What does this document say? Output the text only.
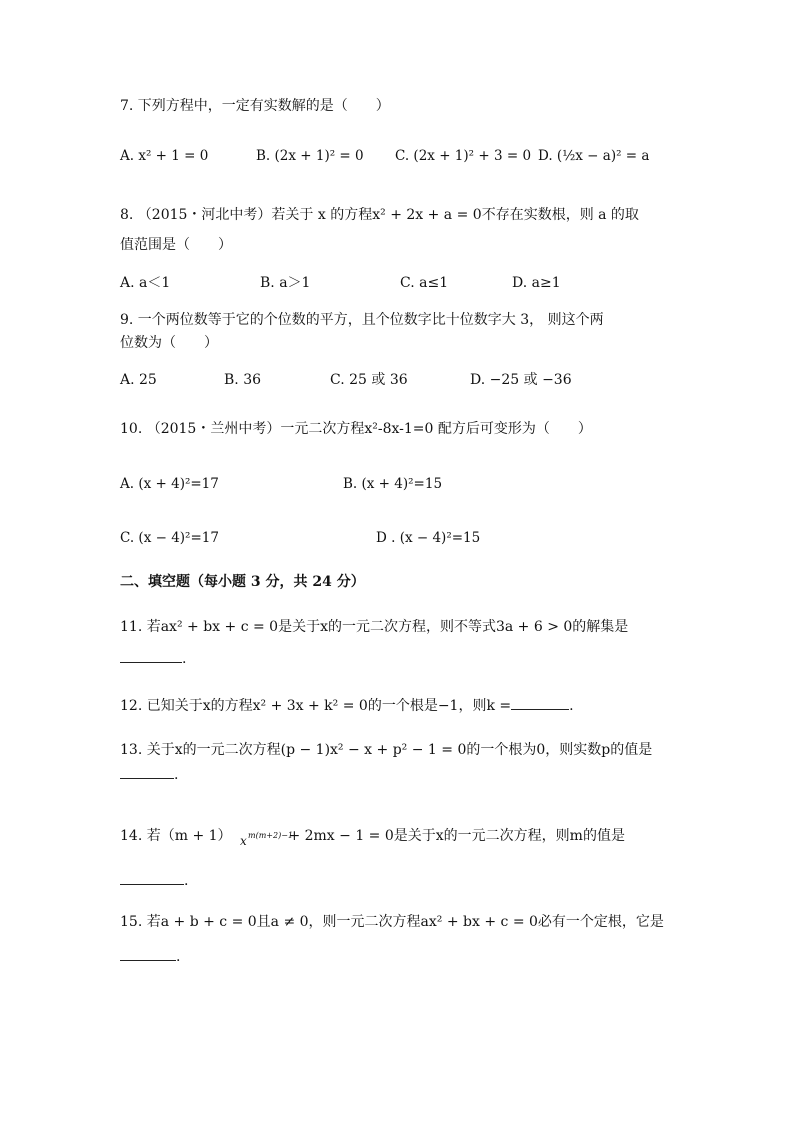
7. 下列方程中，一定有实数解的是（　　）
A. x² + 1 = 0	B. (2x + 1)² = 0 C. (2x + 1)² + 3 = 0 D. (½x − a)² = a
8. （2015・河北中考）若关于 x 的方程x² + 2x + a = 0不存在实数根，则 a 的取
值范围是（　　）
A. a＜1	B. a＞1	C. a≤1	D. a≥1
9. 一个两位数等于它的个位数的平方，且个位数字比十位数字大 3， 则这个两
位数为（　　）
A. 25	B. 36	C. 25 或 36	D. −25 或 −36
10. （2015・兰州中考）一元二次方程x²-8x-1=0 配方后可变形为（　　）
A. (x + 4)²=17	B. (x + 4)²=15
C. (x − 4)²=17	D . (x − 4)²=15
二、填空题（每小题 3 分，共 24 分）
11. 若ax² + bx + c = 0是关于x的一元二次方程，则不等式3a + 6 > 0的解集是
.
12. 已知关于x的方程x² + 3x + k² = 0的一个根是−1，则k =	.
13. 关于x的一元二次方程(p − 1)x² − x + p² − 1 = 0的一个根为0，则实数p的值是
.
14. 若（m + 1） x m(m+2)−1
+ 2mx − 1 = 0是关于x的一元二次方程，则m的值是
.
15. 若a + b + c = 0且a ≠ 0，则一元二次方程ax² + bx + c = 0必有一个定根，它是
.
